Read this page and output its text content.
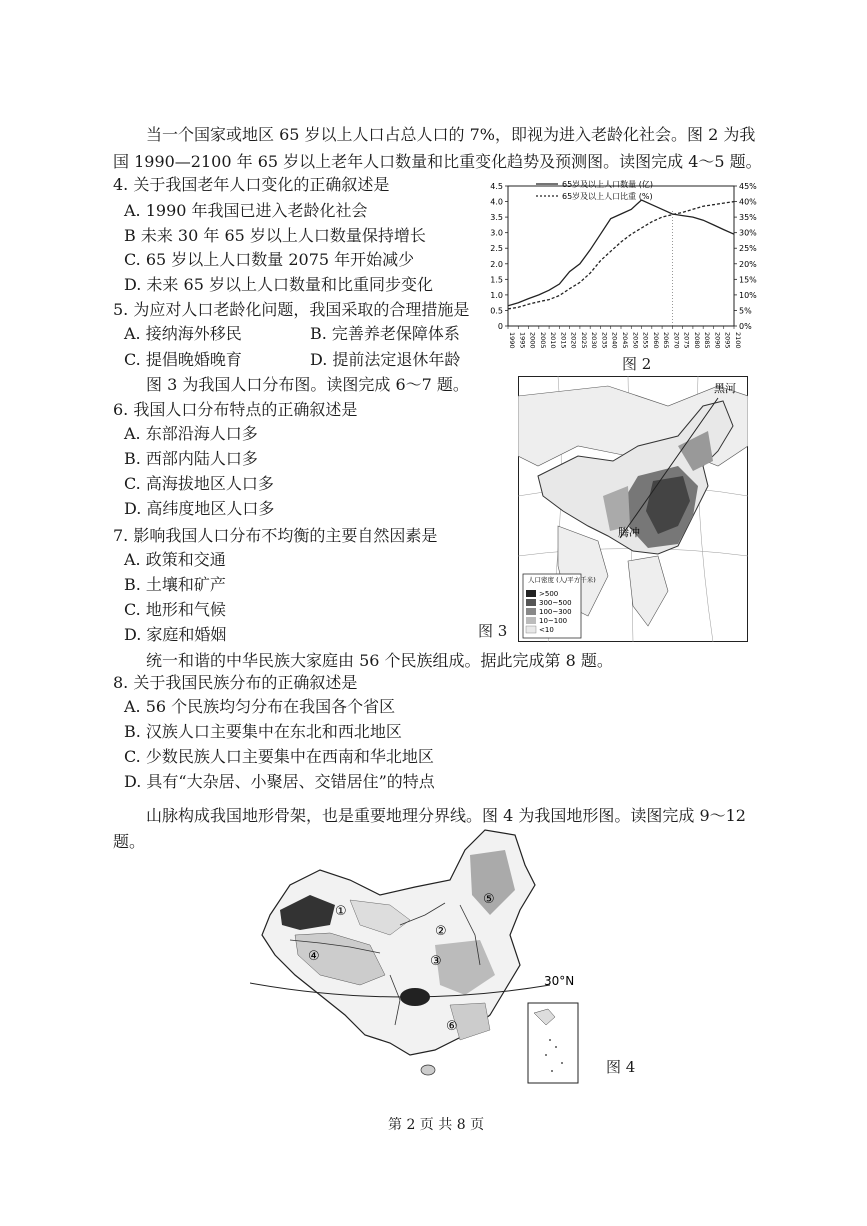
当一个国家或地区 65 岁以上人口占总人口的 7%，即视为进入老龄化社会。图 2 为我
国 1990—2100 年 65 岁以上老年人口数量和比重变化趋势及预测图。读图完成 4～5 题。
4. 关于我国老年人口变化的正确叙述是
A. 1990 年我国已进入老龄化社会
B 未来 30 年 65 岁以上人口数量保持增长
C. 65 岁以上人口数量 2075 年开始减少
D. 未来 65 岁以上人口数量和比重同步变化
5. 为应对人口老龄化问题，我国采取的合理措施是
A. 接纳海外移民	B. 完善养老保障体系
C. 提倡晚婚晚育	D. 提前法定退休年龄
0
0.5
1.0
1.5
2.0
2.5
3.0
3.5
4.0
4.5
0%
5%
10%
15%
20%
25%
30%
35%
40%
45%
1990 1995 2000 2005 2010 2015 2020 2025 2030 2035 2040 2045 2050 2055 2060 2065 2070 2075 2080 2085 2090 2095 2100
65岁及以上人口数量 (亿)
65岁及以上人口比重 (%)
图 2
图 3 为我国人口分布图。读图完成 6～7 题。
6. 我国人口分布特点的正确叙述是
A. 东部沿海人口多
B. 西部内陆人口多
C. 高海拔地区人口多
D. 高纬度地区人口多
7. 影响我国人口分布不均衡的主要自然因素是
A. 政策和交通
B. 土壤和矿产
C. 地形和气候
D. 家庭和婚姻
黑河
腾冲
人口密度 (人/平方千米)
>500
300~500
100~300
10~100
<10
图 3
统一和谐的中华民族大家庭由 56 个民族组成。据此完成第 8 题。
8. 关于我国民族分布的正确叙述是
A. 56 个民族均匀分布在我国各个省区
B. 汉族人口主要集中在东北和西北地区
C. 少数民族人口主要集中在西南和华北地区
D. 具有“大杂居、小聚居、交错居住”的特点
山脉构成我国地形骨架，也是重要地理分界线。图 4 为我国地形图。读图完成 9～12
题。
30°N
①
②
③
④
⑤
⑥
图 4
第 2 页 共 8 页
